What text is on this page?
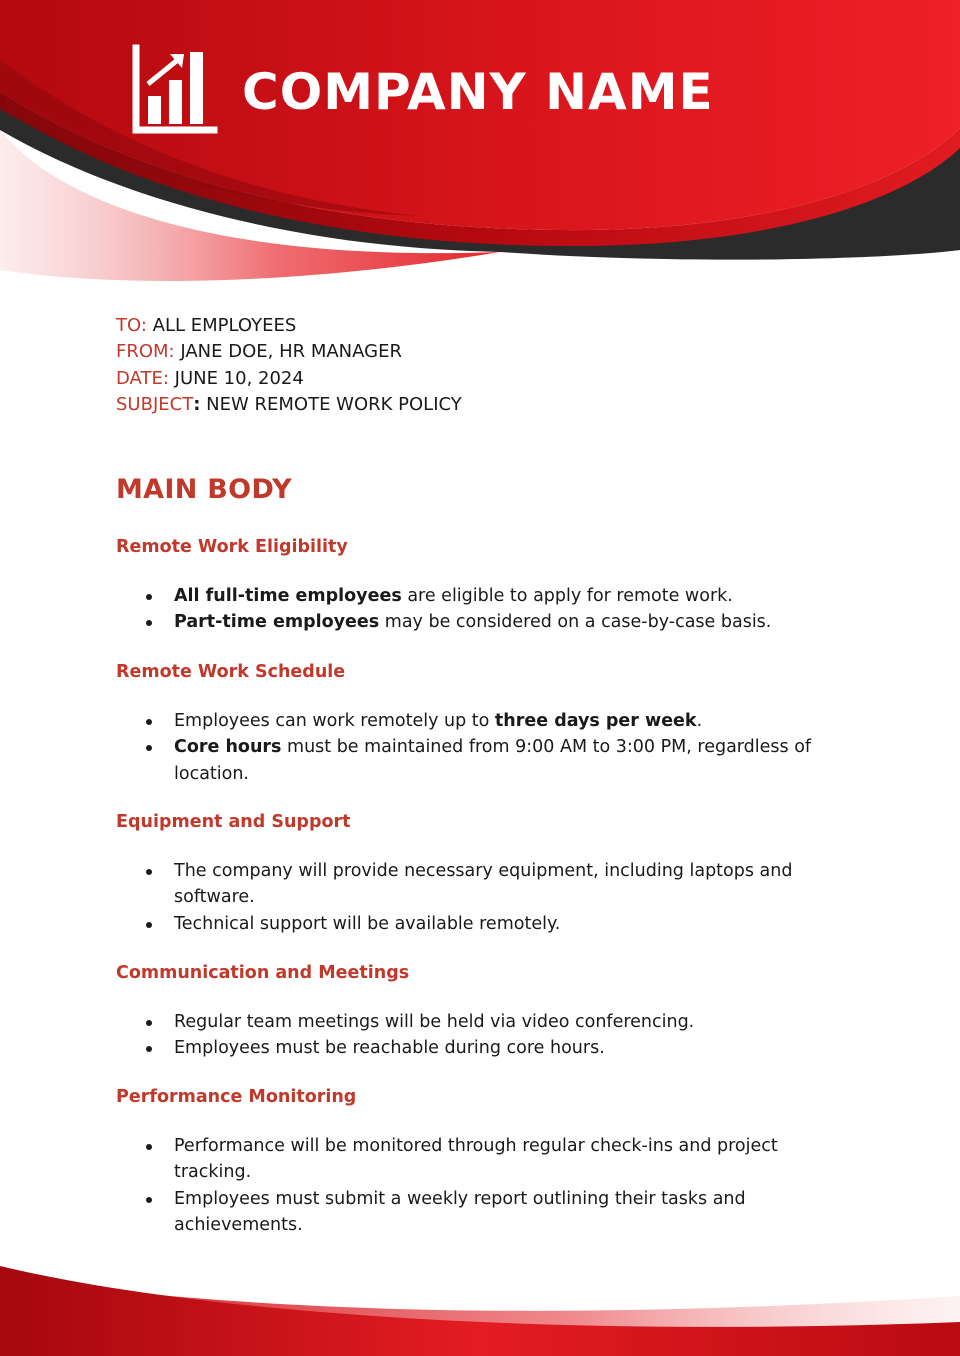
COMPANY NAME
TO: ALL EMPLOYEES
FROM: JANE DOE, HR MANAGER
DATE: JUNE 10, 2024
SUBJECT: NEW REMOTE WORK POLICY
MAIN BODY
Remote Work Eligibility
All full-time employees are eligible to apply for remote work.
Part-time employees may be considered on a case-by-case basis.
Remote Work Schedule
Employees can work remotely up to three days per week.
Core hours must be maintained from 9:00 AM to 3:00 PM, regardless of location.
Equipment and Support
The company will provide necessary equipment, including laptops and software.
Technical support will be available remotely.
Communication and Meetings
Regular team meetings will be held via video conferencing.
Employees must be reachable during core hours.
Performance Monitoring
Performance will be monitored through regular check-ins and project tracking.
Employees must submit a weekly report outlining their tasks and achievements.
